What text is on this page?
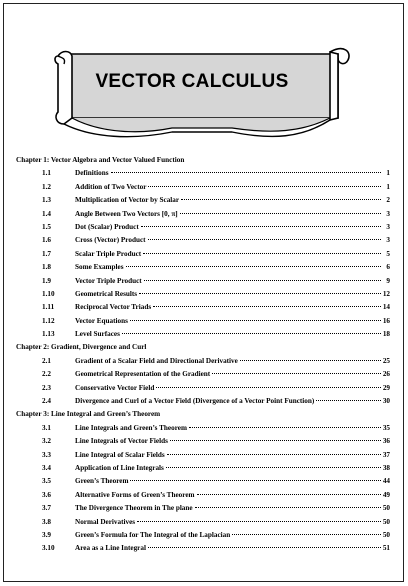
VECTOR CALCULUS
Chapter 1: Vector Algebra and Vector Valued Function
1.1	Definitions	1
1.2	Addition of Two Vector	1
1.3	Multiplication of Vector by Scalar	2
1.4	Angle Between Two Vectors [0, π]	3
1.5	Dot (Scalar) Product	3
1.6	Cross (Vector) Product	3
1.7	Scalar Triple Product	5
1.8	Some Examples	6
1.9	Vector Triple Product	9
1.10	Geometrical Results	12
1.11	Reciprocal Vector Triads	14
1.12	Vector Equations	16
1.13	Level Surfaces	18
Chapter 2: Gradient, Divergence and Curl
2.1	Gradient of a Scalar Field and Directional Derivative	25
2.2	Geometrical Representation of the Gradient	26
2.3	Conservative Vector Field	29
2.4	Divergence and Curl of a Vector Field (Divergence of a Vector Point Function)	30
Chapter 3: Line Integral and Green’s Theorem
3.1	Line Integrals and Green’s Theorem	35
3.2	Line Integrals of Vector Fields	36
3.3	Line Integral of Scalar Fields	37
3.4	Application of Line Integrals	38
3.5	Green’s Theorem	44
3.6	Alternative Forms of Green’s Theorem	49
3.7	The Divergence Theorem in The plane	50
3.8	Normal Derivatives	50
3.9	Green’s Formula for The Integral of the Laplacian	50
3.10	Area as a Line Integral	51
